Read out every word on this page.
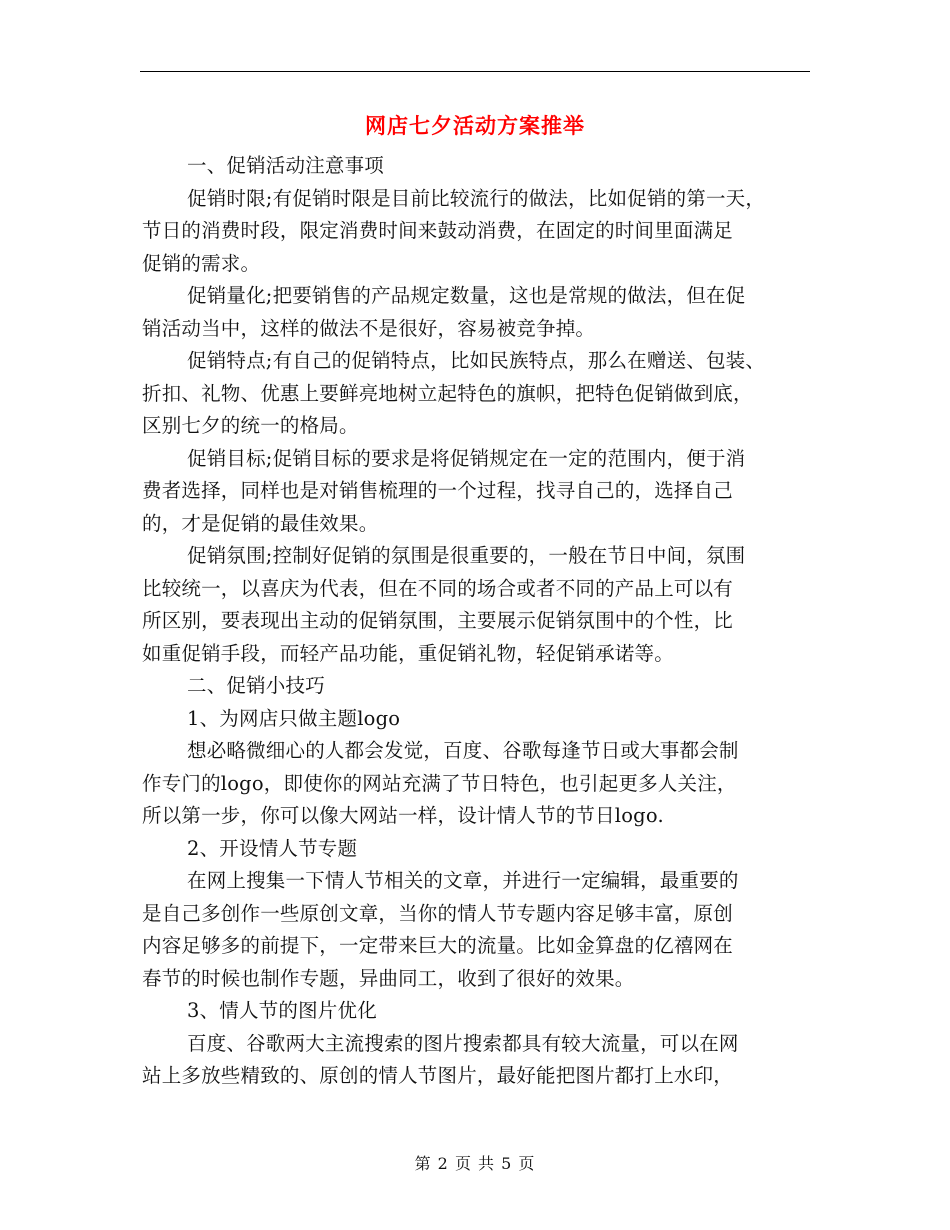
网店七夕活动方案推举
一、促销活动注意事项
促销时限;有促销时限是目前比较流行的做法，比如促销的第一天，
节日的消费时段，限定消费时间来鼓动消费，在固定的时间里面满足
促销的需求。
促销量化;把要销售的产品规定数量，这也是常规的做法，但在促
销活动当中，这样的做法不是很好，容易被竞争掉。
促销特点;有自己的促销特点，比如民族特点，那么在赠送、包装、
折扣、礼物、优惠上要鲜亮地树立起特色的旗帜，把特色促销做到底，
区别七夕的统一的格局。
促销目标;促销目标的要求是将促销规定在一定的范围内，便于消
费者选择，同样也是对销售梳理的一个过程，找寻自己的，选择自己
的，才是促销的最佳效果。
促销氛围;控制好促销的氛围是很重要的，一般在节日中间，氛围
比较统一，以喜庆为代表，但在不同的场合或者不同的产品上可以有
所区别，要表现出主动的促销氛围，主要展示促销氛围中的个性，比
如重促销手段，而轻产品功能，重促销礼物，轻促销承诺等。
二、促销小技巧
1、为网店只做主题logo
想必略微细心的人都会发觉，百度、谷歌每逢节日或大事都会制
作专门的logo，即使你的网站充满了节日特色，也引起更多人关注，
所以第一步，你可以像大网站一样，设计情人节的节日logo.
2、开设情人节专题
在网上搜集一下情人节相关的文章，并进行一定编辑，最重要的
是自己多创作一些原创文章，当你的情人节专题内容足够丰富，原创
内容足够多的前提下，一定带来巨大的流量。比如金算盘的亿禧网在
春节的时候也制作专题，异曲同工，收到了很好的效果。
3、情人节的图片优化
百度、谷歌两大主流搜索的图片搜索都具有较大流量，可以在网
站上多放些精致的、原创的情人节图片，最好能把图片都打上水印，
第 2 页 共 5 页
